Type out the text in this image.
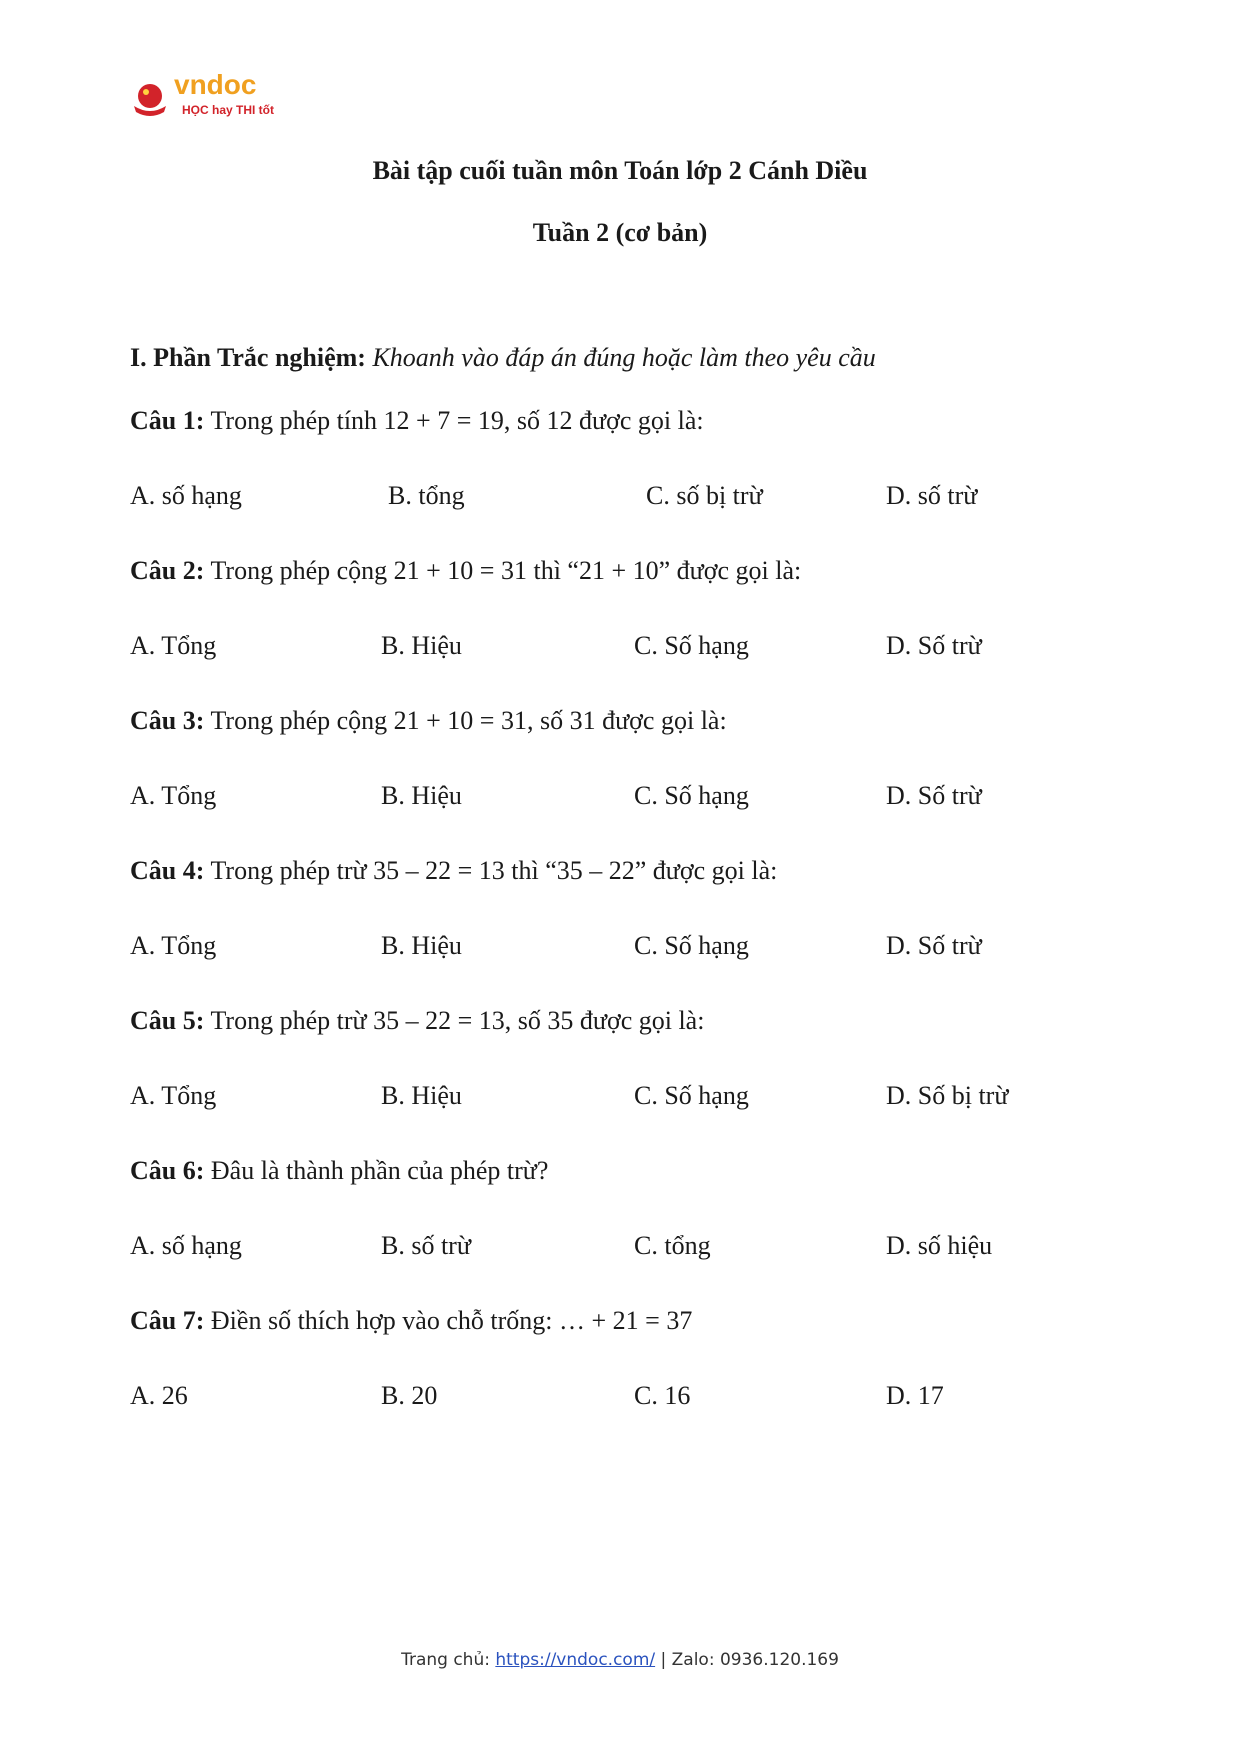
vndoc
HỌC hay THI tốt
Bài tập cuối tuần môn Toán lớp 2 Cánh Diều
Tuần 2 (cơ bản)
I. Phần Trắc nghiệm: Khoanh vào đáp án đúng hoặc làm theo yêu cầu
Câu 1: Trong phép tính 12 + 7 = 19, số 12 được gọi là:
A. số hạng	B. tổng	C. số bị trừ	D. số trừ
Câu 2: Trong phép cộng 21 + 10 = 31 thì “21 + 10” được gọi là:
A. Tổng	B. Hiệu	C. Số hạng	D. Số trừ
Câu 3: Trong phép cộng 21 + 10 = 31, số 31 được gọi là:
A. Tổng	B. Hiệu	C. Số hạng	D. Số trừ
Câu 4: Trong phép trừ 35 – 22 = 13 thì “35 – 22” được gọi là:
A. Tổng	B. Hiệu	C. Số hạng	D. Số trừ
Câu 5: Trong phép trừ 35 – 22 = 13, số 35 được gọi là:
A. Tổng	B. Hiệu	C. Số hạng	D. Số bị trừ
Câu 6: Đâu là thành phần của phép trừ?
A. số hạng	B. số trừ	C. tổng	D. số hiệu
Câu 7: Điền số thích hợp vào chỗ trống: … + 21 = 37
A. 26	B. 20	C. 16	D. 17
Trang chủ: https://vndoc.com/ | Zalo: 0936.120.169
